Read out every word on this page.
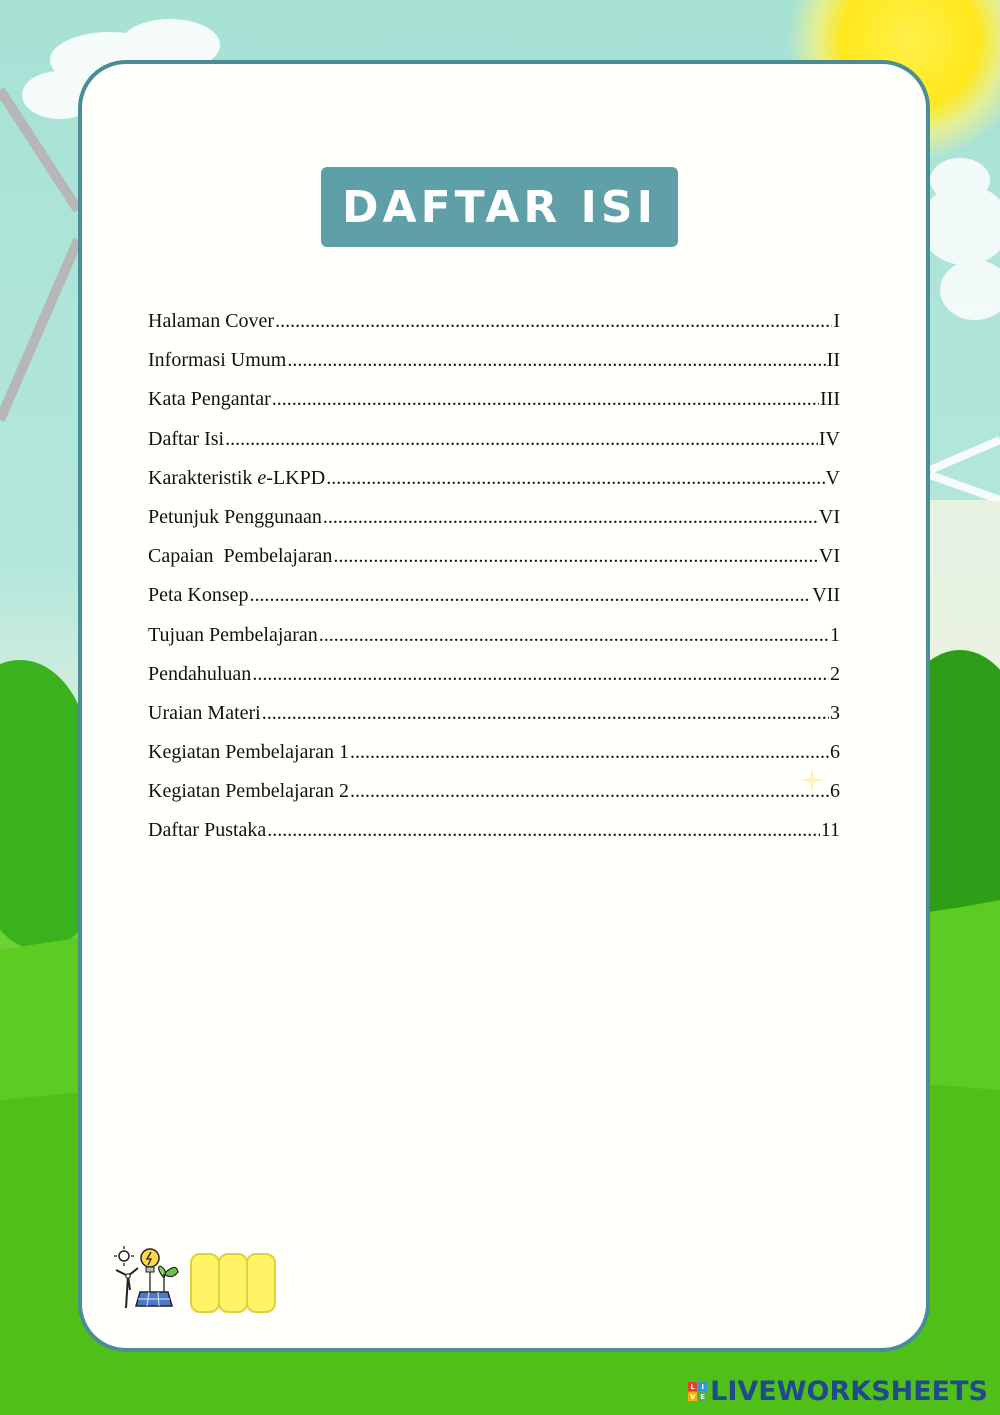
DAFTAR ISI
Halaman Cover .....	I
Informasi Umum .....	II
Kata Pengantar .....	III
Daftar Isi .....	IV
Karakteristik e-LKPD .....	V
Petunjuk Penggunaan .....	VI
Capaian  Pembelajaran .....	VI
Peta Konsep .....	VII
Tujuan Pembelajaran .....	1
Pendahuluan .....	2
Uraian Materi .....	3
Kegiatan Pembelajaran 1 .....	6
Kegiatan Pembelajaran 2 .....	6
Daftar Pustaka .....	11
L I
V E LIVEWORKSHEETS
